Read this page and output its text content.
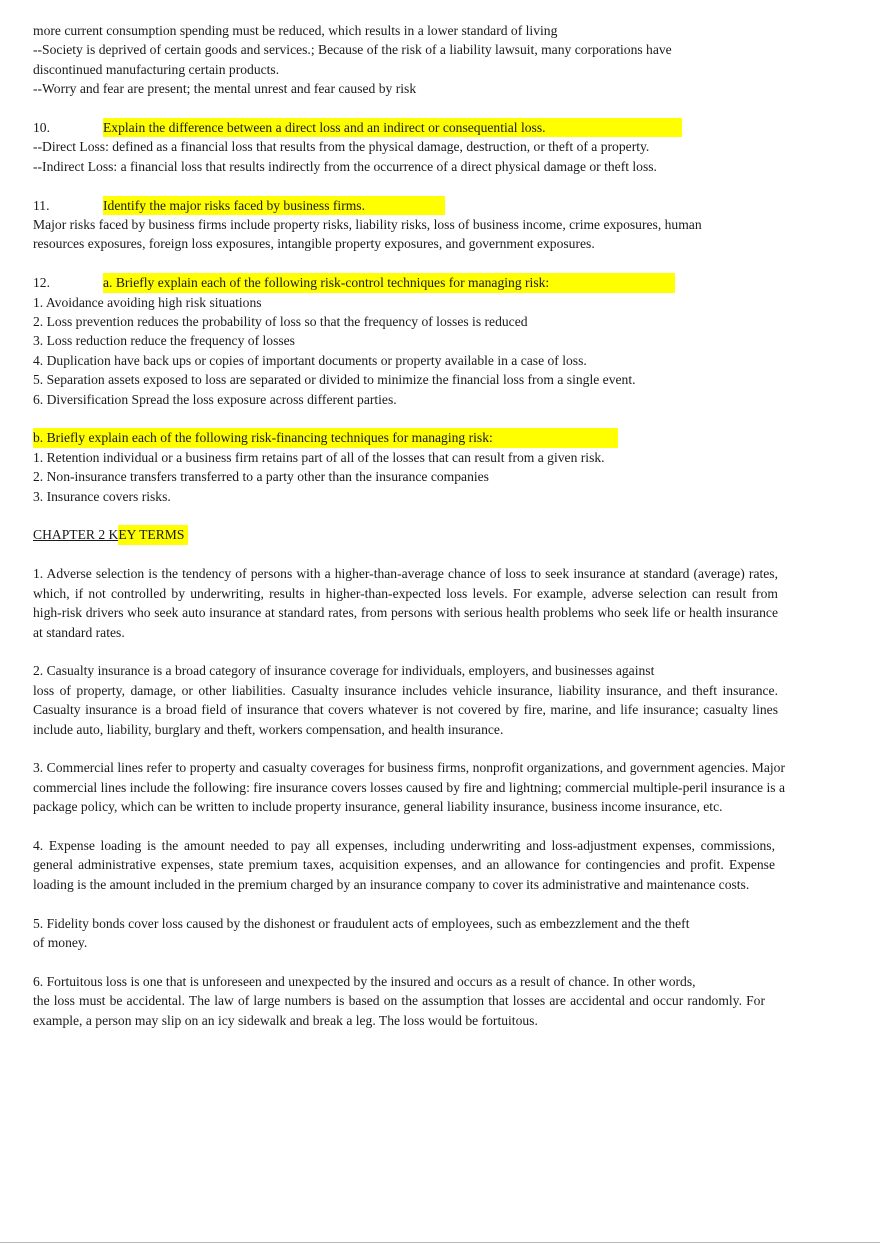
more current consumption spending must be reduced, which results in a lower standard of living

--Society is deprived of certain goods and services.; Because of the risk of a liability lawsuit, many corporations have

discontinued manufacturing certain products.

--Worry and fear are present; the mental unrest and fear caused by risk

10.	Explain the difference between a direct loss and an indirect or consequential loss.

--Direct Loss: defined as a financial loss that results from the physical damage, destruction, or theft of a property.

--Indirect Loss: a financial loss that results indirectly from the occurrence of a direct physical damage or theft loss.

11.	Identify the major risks faced by business firms.

Major risks faced by business firms include property risks, liability risks, loss of business income, crime exposures, human

resources exposures, foreign loss exposures, intangible property exposures, and government exposures.

12.	a. Briefly explain each of the following risk-control techniques for managing risk:

1. Avoidance avoiding high risk situations

2. Loss prevention reduces the probability of loss so that the frequency of losses is reduced

3. Loss reduction reduce the frequency of losses

4. Duplication have back ups or copies of important documents or property available in a case of loss.

5. Separation assets exposed to loss are separated or divided to minimize the financial loss from a single event.

6. Diversification Spread the loss exposure across different parties.

b. Briefly explain each of the following risk-financing techniques for managing risk:

1. Retention individual or a business firm retains part of all of the losses that can result from a given risk.

2. Non-insurance transfers transferred to a party other than the insurance companies

3. Insurance covers risks.

CHAPTER 2 KEY TERMS

1. Adverse selection is the tendency of persons with a higher-than-average chance of loss to seek insurance at standard (average) rates, which, if not controlled by underwriting, results in higher-than-expected loss levels. For example, adverse selection can result from high-risk drivers who seek auto insurance at standard rates, from persons with serious health problems who seek life or health insurance at standard rates.

2. Casualty insurance is a broad category of insurance coverage for individuals, employers, and businesses against

loss of property, damage, or other liabilities. Casualty insurance includes vehicle insurance, liability insurance, and theft insurance. Casualty insurance is a broad field of insurance that covers whatever is not covered by fire, marine, and life insurance; casualty lines include auto, liability, burglary and theft, workers compensation, and health insurance.

3. Commercial lines refer to property and casualty coverages for business firms, nonprofit organizations, and government agencies. Major commercial lines include the following: fire insurance covers losses caused by fire and lightning; commercial multiple-peril insurance is a package policy, which can be written to include property insurance, general liability insurance, business income insurance, etc.

4. Expense loading is the amount needed to pay all expenses, including underwriting and loss-adjustment expenses, commissions, general administrative expenses, state premium taxes, acquisition expenses, and an allowance for contingencies and profit. Expense loading is the amount included in the premium charged by an insurance company to cover its administrative and maintenance costs.

5. Fidelity bonds cover loss caused by the dishonest or fraudulent acts of employees, such as embezzlement and the theft

of money.

6. Fortuitous loss is one that is unforeseen and unexpected by the insured and occurs as a result of chance. In other words,

the loss must be accidental. The law of large numbers is based on the assumption that losses are accidental and occur randomly. For example, a person may slip on an icy sidewalk and break a leg. The loss would be fortuitous.
